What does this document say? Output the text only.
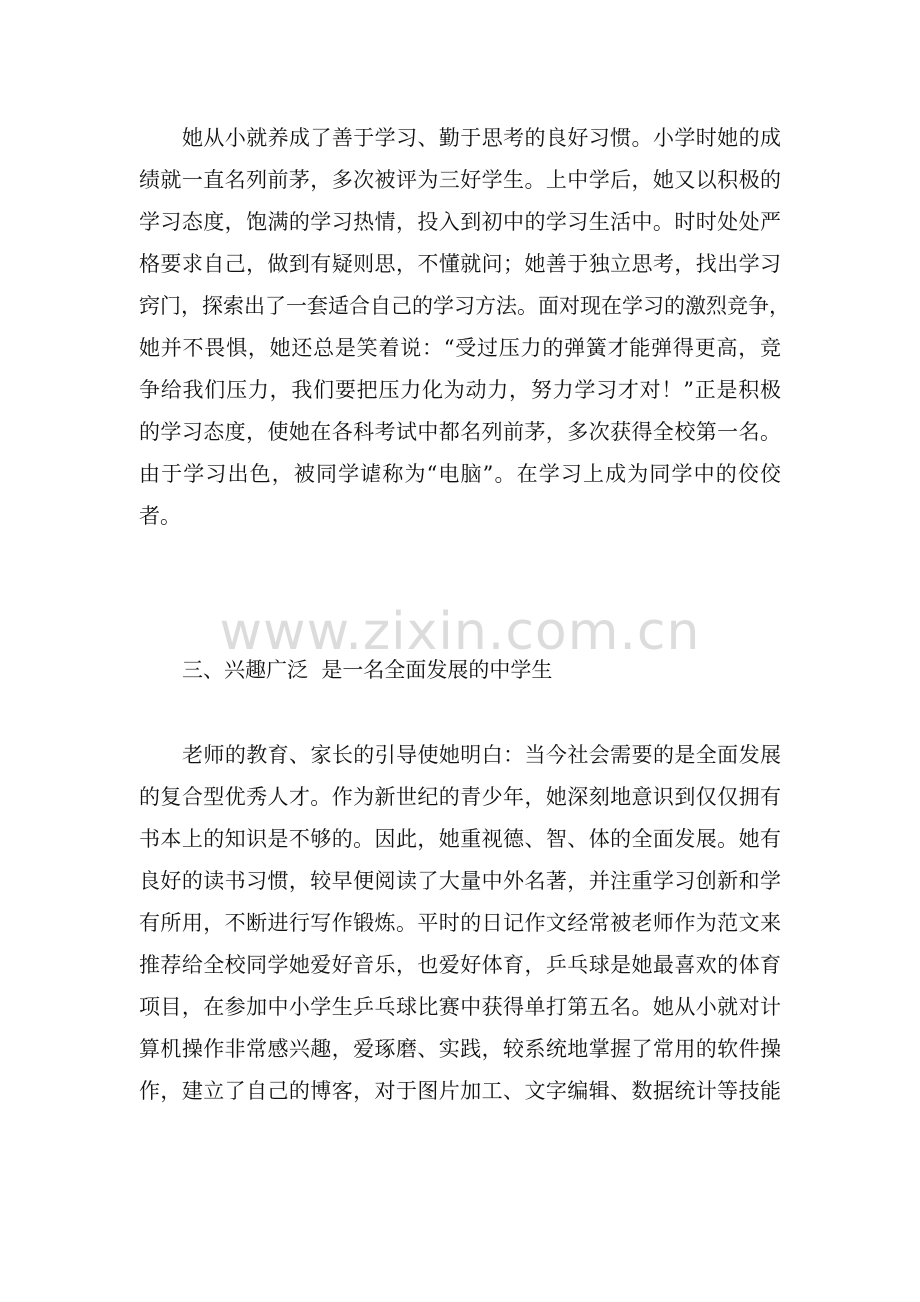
她从小就养成了善于学习、勤于思考的良好习惯。小学时她的成
绩就一直名列前茅，多次被评为三好学生。上中学后，她又以积极的
学习态度，饱满的学习热情，投入到初中的学习生活中。时时处处严
格要求自己，做到有疑则思，不懂就问；她善于独立思考，找出学习
窍门，探索出了一套适合自己的学习方法。面对现在学习的激烈竞争，
她并不畏惧，她还总是笑着说：“受过压力的弹簧才能弹得更高，竞
争给我们压力，我们要把压力化为动力，努力学习才对！”正是积极
的学习态度，使她在各科考试中都名列前茅，多次获得全校第一名。
由于学习出色，被同学谑称为“电脑”。在学习上成为同学中的佼佼
者。
www.zixin.com.cn
三、兴趣广泛  是一名全面发展的中学生
老师的教育、家长的引导使她明白：当今社会需要的是全面发展
的复合型优秀人才。作为新世纪的青少年，她深刻地意识到仅仅拥有
书本上的知识是不够的。因此，她重视德、智、体的全面发展。她有
良好的读书习惯，较早便阅读了大量中外名著，并注重学习创新和学
有所用，不断进行写作锻炼。平时的日记作文经常被老师作为范文来
推荐给全校同学她爱好音乐，也爱好体育，乒乓球是她最喜欢的体育
项目，在参加中小学生乒乓球比赛中获得单打第五名。她从小就对计
算机操作非常感兴趣，爱琢磨、实践，较系统地掌握了常用的软件操
作，建立了自己的博客，对于图片加工、文字编辑、数据统计等技能
